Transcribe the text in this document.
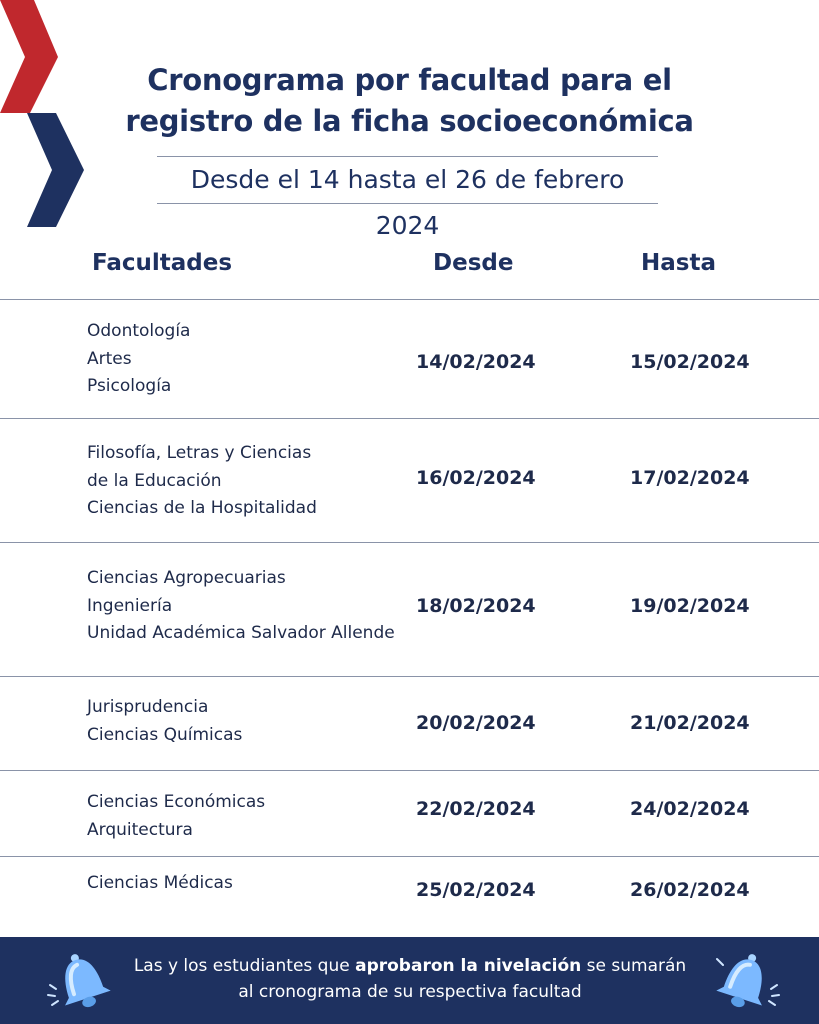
Cronograma por facultad para el
registro de la ficha socioeconómica
Desde el 14 hasta el 26 de febrero 2024
Facultades	Desde	Hasta
Odontología
Artes
Psicología
14/02/2024	15/02/2024
Filosofía, Letras y Ciencias
de la Educación
Ciencias de la Hospitalidad
16/02/2024	17/02/2024
Ciencias Agropecuarias
Ingeniería
Unidad Académica Salvador Allende
18/02/2024	19/02/2024
Jurisprudencia
Ciencias Químicas
20/02/2024	21/02/2024
Ciencias Económicas
Arquitectura
22/02/2024	24/02/2024
Ciencias Médicas	25/02/2024	26/02/2024
Las y los estudiantes que aprobaron la nivelación se sumarán
al cronograma de su respectiva facultad
